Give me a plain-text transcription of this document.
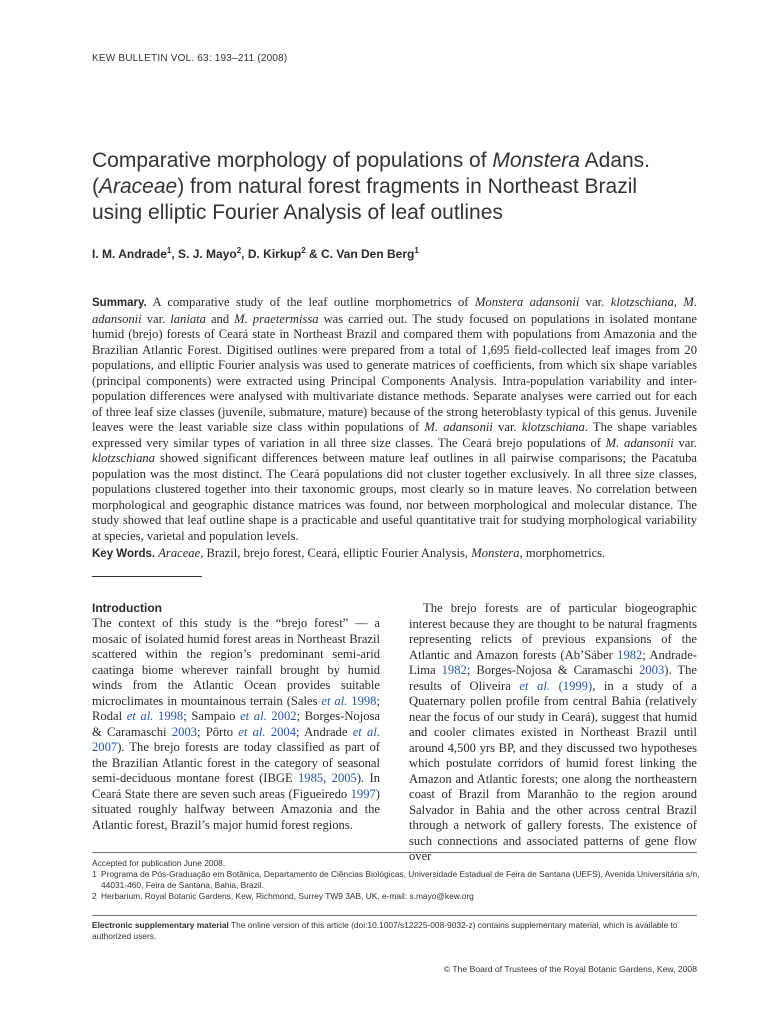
KEW BULLETIN VOL. 63: 193–211 (2008)
Comparative morphology of populations of Monstera Adans.
(Araceae) from natural forest fragments in Northeast Brazil
using elliptic Fourier Analysis of leaf outlines
I. M. Andrade$^1$, S. J. Mayo$^2$, D. Kirkup$^2$ & C. Van Den Berg$^1$

Summary. A comparative study of the leaf outline morphometrics of Monstera adansonii var. klotzschiana, M. adansonii var. laniata and M. praetermissa was carried out. The study focused on populations in isolated montane humid (brejo) forests of Ceará state in Northeast Brazil and compared them with populations from Amazonia and the Brazilian Atlantic Forest. Digitised outlines were prepared from a total of 1,695 field-collected leaf images from 20 populations, and elliptic Fourier analysis was used to generate matrices of coefficients, from which six shape variables (principal components) were extracted using Principal Components Analysis. Intra-population variability and inter-population differences were analysed with multivariate distance methods. Separate analyses were carried out for each of three leaf size classes (juvenile, submature, mature) because of the strong heteroblasty typical of this genus. Juvenile leaves were the least variable size class within populations of M. adansonii var. klotzschiana. The shape variables expressed very similar types of variation in all three size classes. The Ceará brejo populations of M. adansonii var. klotzschiana showed significant differences between mature leaf outlines in all pairwise comparisons; the Pacatuba population was the most distinct. The Ceará populations did not cluster together exclusively. In all three size classes, populations clustered together into their taxonomic groups, most clearly so in mature leaves. No correlation between morphological and geographic distance matrices was found, nor between morphological and molecular distance. The study showed that leaf outline shape is a practicable and useful quantitative trait for studying morphological variability at species, varietal and population levels.

Key Words. Araceae, Brazil, brejo forest, Ceará, elliptic Fourier Analysis, Monstera, morphometrics.

Introduction

The context of this study is the “brejo forest” — a mosaic of isolated humid forest areas in Northeast Brazil scattered within the region’s predominant semi-arid caatinga biome wherever rainfall brought by humid winds from the Atlantic Ocean provides suitable microclimates in mountainous terrain (Sales et al. 1998; Rodal et al. 1998; Sampaio et al. 2002; Borges-Nojosa & Caramaschi 2003; Pôrto et al. 2004; Andrade et al. 2007). The brejo forests are today classified as part of the Brazilian Atlantic forest in the category of seasonal semi-deciduous montane forest (IBGE 1985, 2005). In Ceará State there are seven such areas (Figueiredo 1997) situated roughly halfway between Amazonia and the Atlantic forest, Brazil’s major humid forest regions.

The brejo forests are of particular biogeographic interest because they are thought to be natural fragments representing relicts of previous expansions of the Atlantic and Amazon forests (Ab’Sáber 1982; Andrade-Lima 1982; Borges-Nojosa & Caramaschi 2003). The results of Oliveira et al. (1999), in a study of a Quaternary pollen profile from central Bahia (relatively near the focus of our study in Ceará), suggest that humid and cooler climates existed in Northeast Brazil until around 4,500 yrs BP, and they discussed two hypotheses which postulate corridors of humid forest linking the Amazon and Atlantic forests; one along the northeastern coast of Brazil from Maranhão to the region around Salvador in Bahia and the other across central Brazil through a network of gallery forests. The existence of such connections and associated patterns of gene flow over

Accepted for publication June 2008.
1 Programa de Pós-Graduação em Botânica, Departamento de Ciências Biológicas, Universidade Estadual de Feira de Santana (UEFS), Avenida Universitária s/n, 44031-460, Feira de Santana, Bahia, Brazil.
2 Herbarium, Royal Botanic Gardens, Kew, Richmond, Surrey TW9 3AB, UK. e-mail: s.mayo@kew.org
Electronic supplementary material The online version of this article (doi:10.1007/s12225-008-9032-z) contains supplementary material, which is available to authorized users.
© The Board of Trustees of the Royal Botanic Gardens, Kew, 2008
